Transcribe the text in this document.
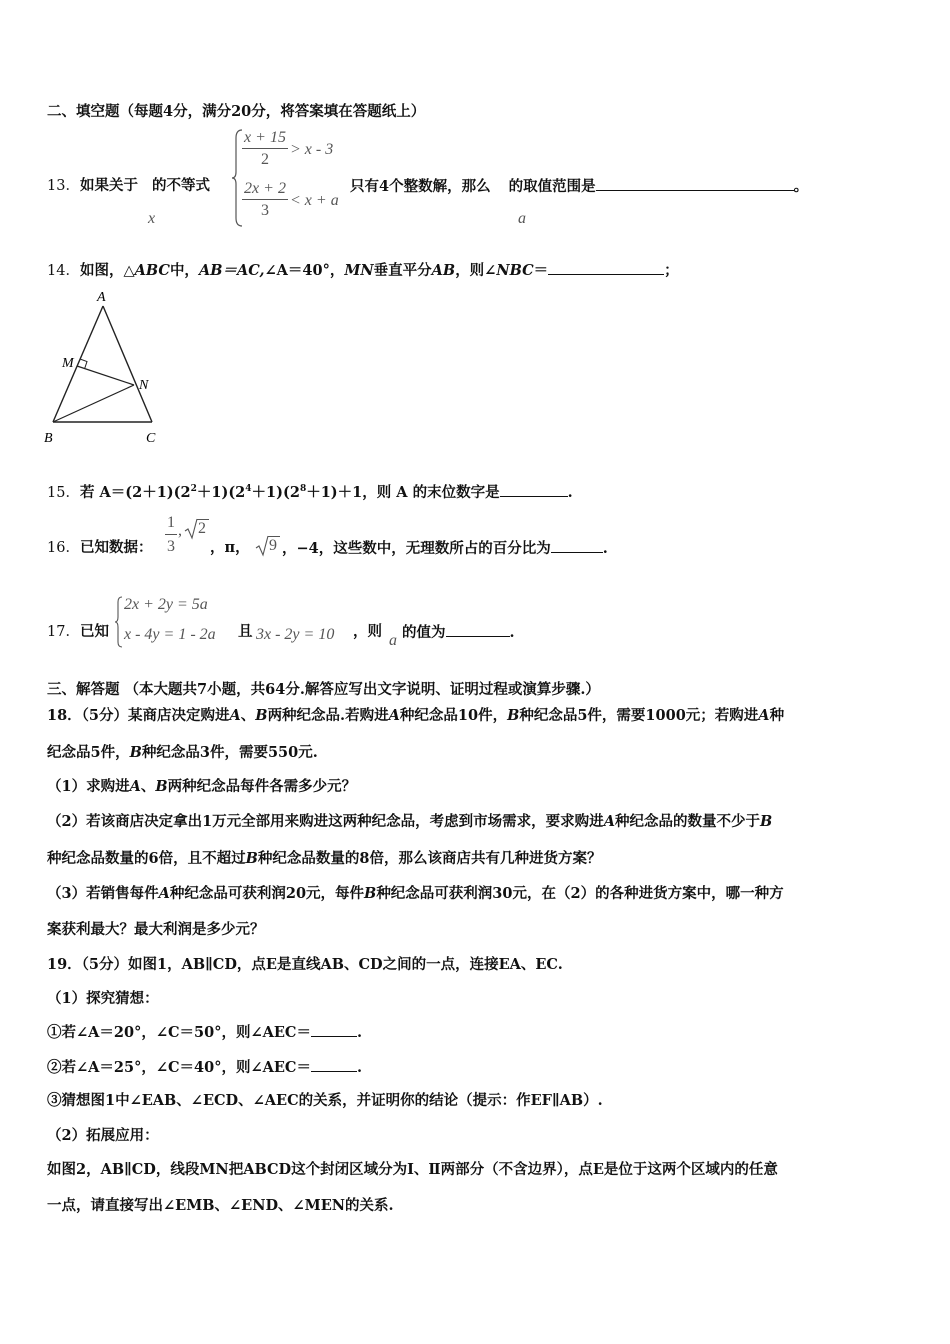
二、填空题（每题4分，满分20分，将答案填在答题纸上）
13．如果关于 的不等式
x
x + 15
2
> x - 3
2x + 2
3
< x + a
只有4个整数解，那么 的取值范围是	。
a
14．如图，△ABC中，AB＝AC,∠A＝40°，MN垂直平分AB，则∠NBC＝	；
A
B	C
M
N
15．若 $A=(2+1)(2^2+1)(2^4+1)(2^8+1)+1$，则 A 的末位数字是	.
16．已知数据：
1
3
, 2
，π， 9 ，−4，这些数中，无理数所占的百分比为	.
17．已知
2x + 2y = 5a
x - 4y = 1 - 2a 且 3x - 2y = 10 ，则
a 的值为	.
三、解答题 （本大题共7小题，共64分.解答应写出文字说明、证明过程或演算步骤.）
18．（5分）某商店决定购进A、B两种纪念品.若购进A种纪念品10件，B种纪念品5件，需要1000元；若购进A种
纪念品5件，B种纪念品3件，需要550元.
（1）求购进A、B两种纪念品每件各需多少元？
（2）若该商店决定拿出1万元全部用来购进这两种纪念品，考虑到市场需求，要求购进A种纪念品的数量不少于B
种纪念品数量的6倍，且不超过B种纪念品数量的8倍，那么该商店共有几种进货方案？
（3）若销售每件A种纪念品可获利润20元，每件B种纪念品可获利润30元，在（2）的各种进货方案中，哪一种方
案获利最大？最大利润是多少元？
19．（5分）如图1，AB∥CD，点E是直线AB、CD之间的一点，连接EA、EC.
（1）探究猜想：
①若∠A＝20°，∠C＝50°，则∠AEC＝	.
②若∠A＝25°，∠C＝40°，则∠AEC＝	.
③猜想图1中∠EAB、∠ECD、∠AEC的关系，并证明你的结论（提示：作EF∥AB）.
（2）拓展应用：
如图2，AB∥CD，线段MN把ABCD这个封闭区域分为Ⅰ、Ⅱ两部分（不含边界），点E是位于这两个区域内的任意
一点，请直接写出∠EMB、∠END、∠MEN的关系.
